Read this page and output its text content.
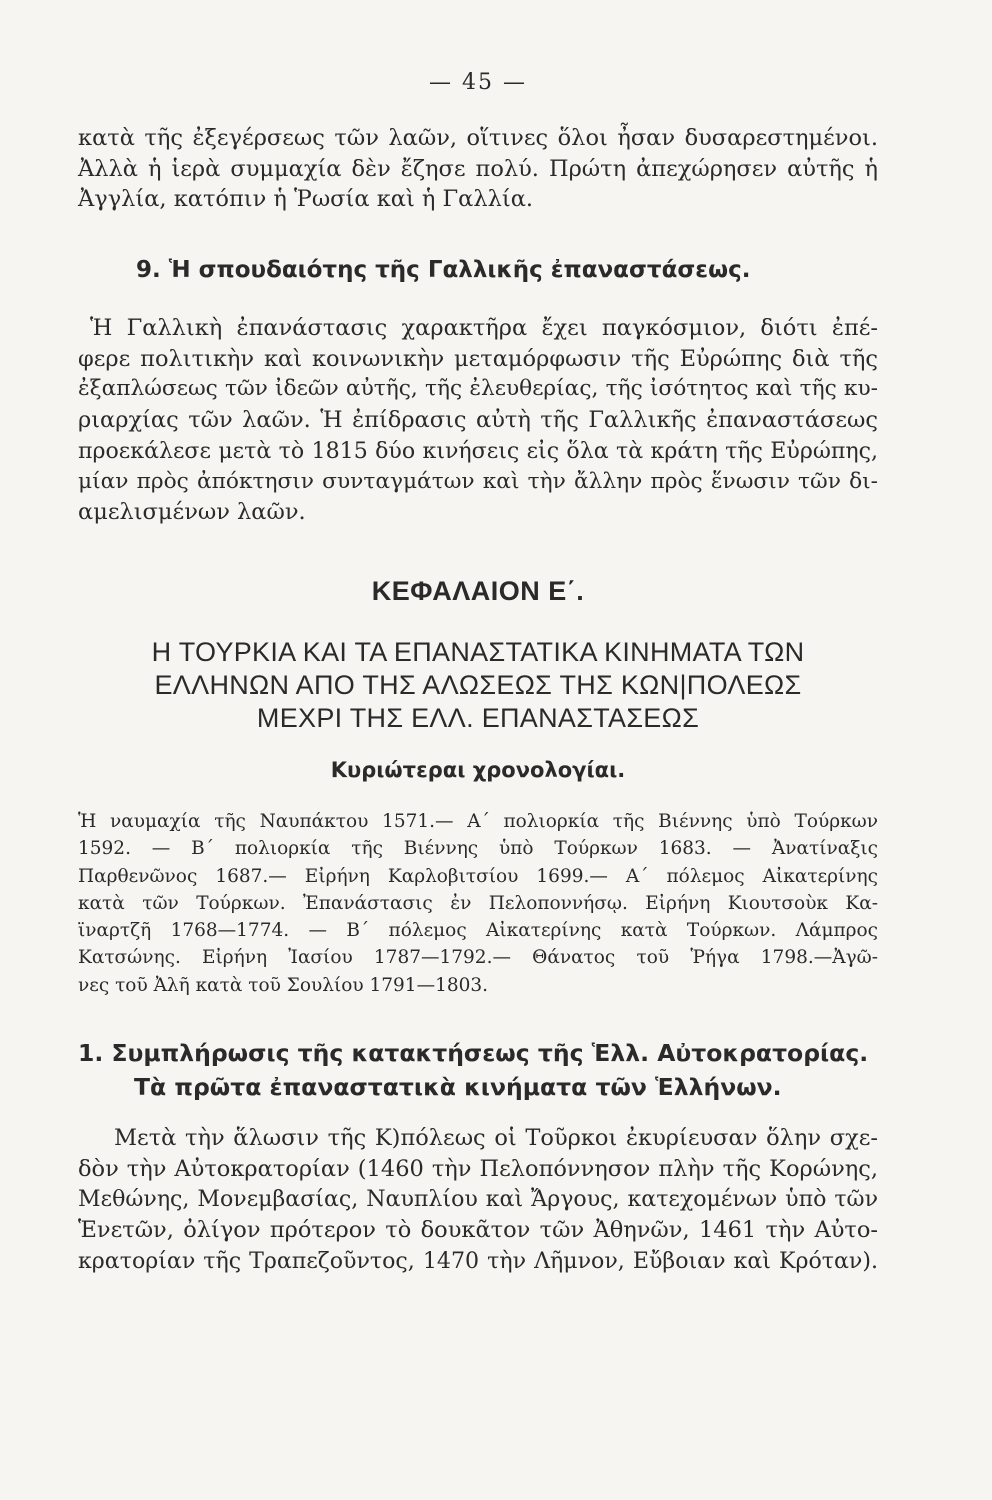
— 45 —
κατὰ τῆς ἐξεγέρσεως τῶν λαῶν, οἵτινες ὅλοι ἦσαν δυσαρεστημένοι.
Ἀλλὰ ἡ ἱερὰ συμμαχία δὲν ἔζησε πολύ. Πρώτη ἀπεχώρησεν αὐτῆς ἡ
Ἀγγλία, κατόπιν ἡ Ῥωσία καὶ ἡ Γαλλία.
9. Ἡ σπουδαιότης τῆς Γαλλικῆς ἐπαναστάσεως.
Ἡ Γαλλικὴ ἐπανάστασις χαρακτῆρα ἔχει παγκόσμιον, διότι ἐπέ-
φερε πολιτικὴν καὶ κοινωνικὴν μεταμόρφωσιν τῆς Εὐρώπης διὰ τῆς
ἐξαπλώσεως τῶν ἰδεῶν αὐτῆς, τῆς ἐλευθερίας, τῆς ἰσότητος καὶ τῆς κυ-
ριαρχίας τῶν λαῶν. Ἡ ἐπίδρασις αὐτὴ τῆς Γαλλικῆς ἐπαναστάσεως
προεκάλεσε μετὰ τὸ 1815 δύο κινήσεις εἰς ὅλα τὰ κράτη τῆς Εὐρώπης,
μίαν πρὸς ἀπόκτησιν συνταγμάτων καὶ τὴν ἄλλην πρὸς ἕνωσιν τῶν δι-
αμελισμένων λαῶν.
ΚΕΦΑΛΑΙΟΝ Ε΄.
Η ΤΟΥΡΚΙΑ ΚΑΙ ΤΑ ΕΠΑΝΑΣΤΑΤΙΚΑ ΚΙΝΗΜΑΤΑ ΤΩΝ
ΕΛΛΗΝΩΝ ΑΠΟ ΤΗΣ ΑΛΩΣΕΩΣ ΤΗΣ ΚΩΝ|ΠΟΛΕΩΣ
ΜΕΧΡΙ ΤΗΣ ΕΛΛ. ΕΠΑΝΑΣΤΑΣΕΩΣ
Κυριώτεραι χρονολογίαι.
Ἡ ναυμαχία τῆς Ναυπάκτου 1571.— Α΄ πολιορκία τῆς Βιέννης ὑπὸ Τούρκων
1592. — Β΄ πολιορκία τῆς Βιέννης ὑπὸ Τούρκων 1683. — Ἀνατίναξις
Παρθενῶνος 1687.— Εἰρήνη Καρλοβιτσίου 1699.— Α΄ πόλεμος Αἰκατερίνης
κατὰ τῶν Τούρκων. Ἐπανάστασις ἐν Πελοποννήσῳ. Εἰρήνη Κιουτσοὺκ Κα-
ϊναρτζῆ 1768—1774. — Β΄ πόλεμος Αἰκατερίνης κατὰ Τούρκων. Λάμπρος
Κατσώνης. Εἰρήνη Ἰασίου 1787—1792.— Θάνατος τοῦ Ῥήγα 1798.—Ἀγῶ-
νες τοῦ Ἀλῆ κατὰ τοῦ Σουλίου 1791—1803.
1. Συμπλήρωσις τῆς κατακτήσεως τῆς Ἑλλ. Αὐτοκρατορίας.
Τὰ πρῶτα ἐπαναστατικὰ κινήματα τῶν Ἑλλήνων.
Μετὰ τὴν ἅλωσιν τῆς Κ)πόλεως οἱ Τοῦρκοι ἐκυρίευσαν ὅλην σχε-
δὸν τὴν Αὐτοκρατορίαν (1460 τὴν Πελοπόννησον πλὴν τῆς Κορώνης,
Μεθώνης, Μονεμβασίας, Ναυπλίου καὶ Ἄργους, κατεχομένων ὑπὸ τῶν
Ἑνετῶν, ὀλίγον πρότερον τὸ δουκᾶτον τῶν Ἀθηνῶν, 1461 τὴν Αὐτο-
κρατορίαν τῆς Τραπεζοῦντος, 1470 τὴν Λῆμνον, Εὔβοιαν καὶ Κρόταν).
